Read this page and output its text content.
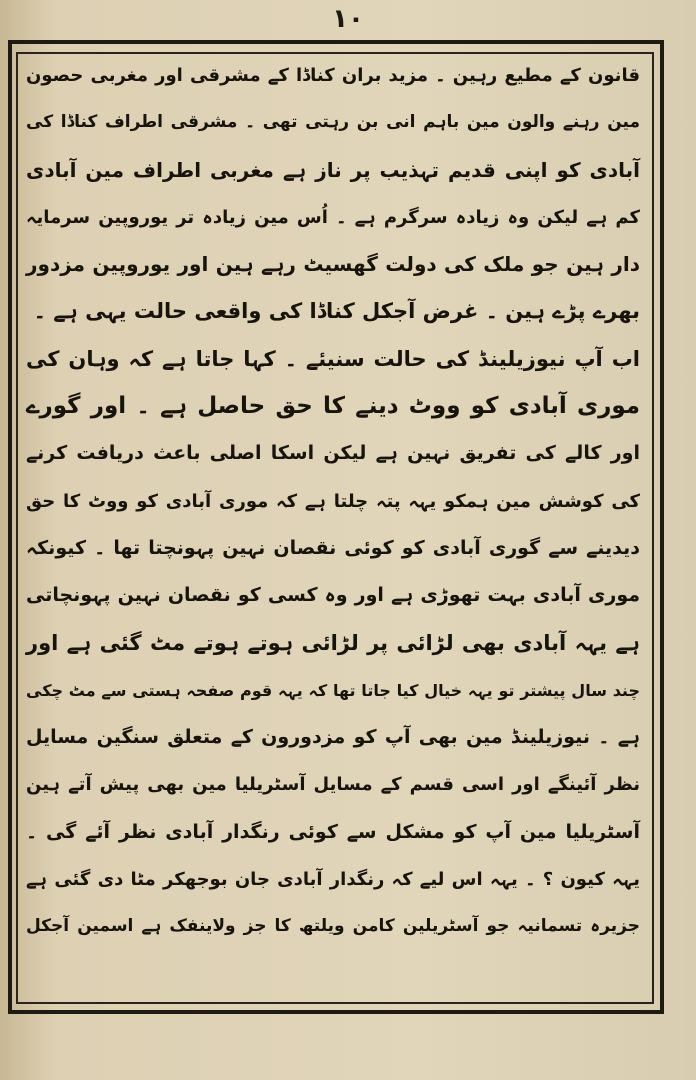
۱۰
قانون کے مطیع رہین ۔ مزید بران کناڈا کے مشرقی اور مغربی حصون
مین رہنے والون مین باہم انی بن رہتی تھی ۔ مشرقی اطراف کناڈا کی
آبادی کو اپنی قدیم تہذیب پر ناز ہے مغربی اطراف مین آبادی
کم ہے لیکن وہ زیادہ سرگرم ہے ۔ اُس مین زیادہ تر یوروپین سرمایہ
دار ہین جو ملک کی دولت گھسیٹ رہے ہین اور یوروپین مزدور
بھرے پڑے ہین ۔ غرض آجکل کناڈا کی واقعی حالت یہی ہے ۔
اب آپ نیوزیلینڈ کی حالت سنیئے ۔ کہا جاتا ہے کہ وہان کی
موری آبادی کو ووٹ دینے کا حق حاصل ہے ۔ اور گورے
اور کالے کی تفریق نہین ہے لیکن اسکا اصلی باعث دریافت کرنے
کی کوشش مین ہمکو یہہ پتہ چلتا ہے کہ موری آبادی کو ووٹ کا حق
دیدینے سے گوری آبادی کو کوئی نقصان نہین پہونچتا تھا ۔ کیونکہ
موری آبادی بہت تھوڑی ہے اور وہ کسی کو نقصان نہین پہونچاتی
ہے یہہ آبادی بھی لڑائی پر لڑائی ہوتے ہوتے مٹ گئی ہے اور
چند سال پیشتر تو یہہ خیال کیا جاتا تھا کہ یہہ قوم صفحہ ہستی سے مٹ چکی
ہے ۔ نیوزیلینڈ مین بھی آپ کو مزدورون کے متعلق سنگین مسایل
نظر آئینگے اور اسی قسم کے مسایل آسٹریلیا مین بھی پیش آتے ہین
آسٹریلیا مین آپ کو مشکل سے کوئی رنگدار آبادی نظر آئے گی ۔
یہہ کیون ؟ ۔ یہہ اس لیے کہ رنگدار آبادی جان بوجھکر مٹا دی گئی ہے
جزیرہ تسمانیہ جو آسٹریلین کامن ویلتھ کا جز ولاینفک ہے اسمین آجکل
